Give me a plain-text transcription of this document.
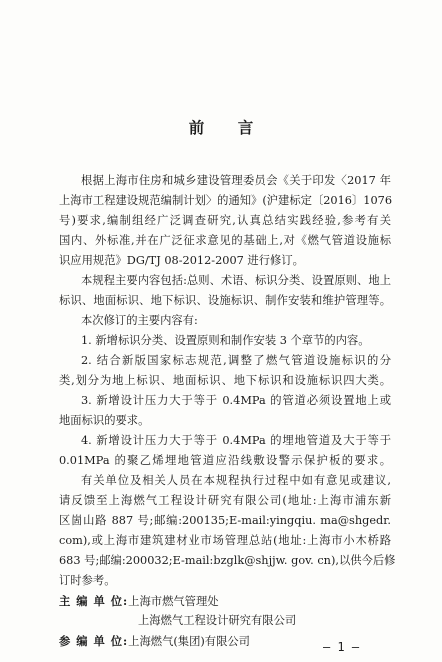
前 言
根据上海市住房和城乡建设管理委员会《关于印发〈2017 年
上海市工程建设规范编制计划〉的通知》(沪建标定〔2016〕1076
号)要求,编制组经广泛调查研究,认真总结实践经验,参考有关
国内、外标准,并在广泛征求意见的基础上,对《燃气管道设施标
识应用规范》DG/TJ 08-2012-2007 进行修订。
本规程主要内容包括:总则、术语、标识分类、设置原则、地上
标识、地面标识、地下标识、设施标识、制作安装和维护管理等。
本次修订的主要内容有:
1. 新增标识分类、设置原则和制作安装 3 个章节的内容。
2. 结合新版国家标志规范,调整了燃气管道设施标识的分
类,划分为地上标识、地面标识、地下标识和设施标识四大类。
3. 新增设计压力大于等于 0.4MPa 的管道必须设置地上或
地面标识的要求。
4. 新增设计压力大于等于 0.4MPa 的埋地管道及大于等于
0.01MPa 的聚乙烯埋地管道应沿线敷设警示保护板的要求。
有关单位及相关人员在本规程执行过程中如有意见或建议,
请反馈至上海燃气工程设计研究有限公司(地址:上海市浦东新
区崮山路 887 号;邮编:200135;E-mail:yingqiu. ma@shgedr.
com),或上海市建筑建材业市场管理总站(地址:上海市小木桥路
683 号;邮编:200032;E-mail:bzglk@shjjw. gov. cn),以供今后修
订时参考。
主 编 单 位:上海市燃气管理处
上海燃气工程设计研究有限公司
参 编 单 位:上海燃气(集团)有限公司	— 1 —
